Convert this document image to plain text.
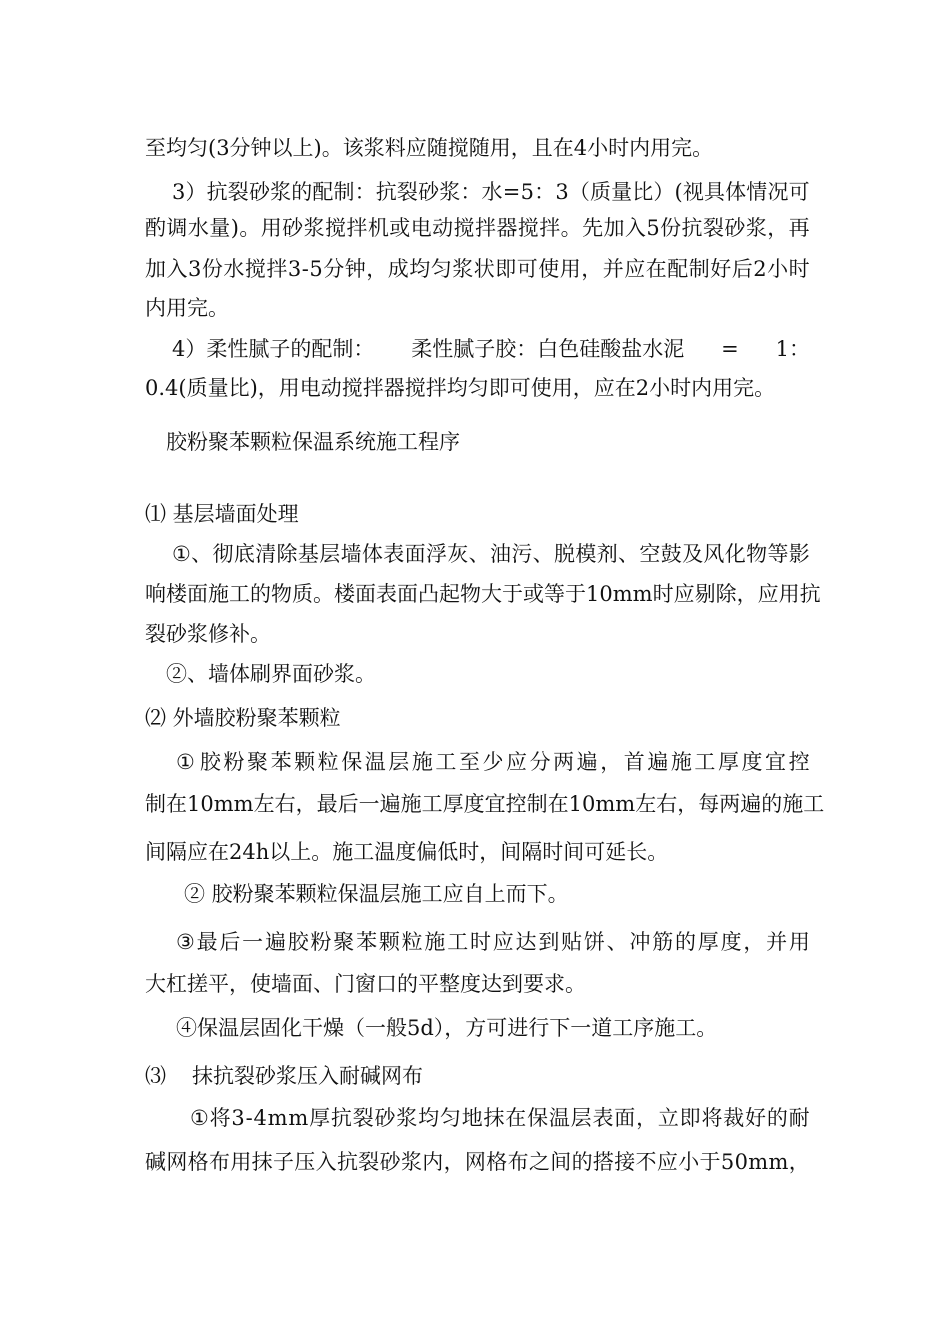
至均匀(3分钟以上)。该浆料应随搅随用，且在4小时内用完。
3 ） 抗 裂 砂 浆 的 配 制 ： 抗 裂 砂 浆 ： 水 = 5 ： 3 （ 质 量 比 ） ( 视 具 体 情 况 可
酌 调 水 量 ) 。 用 砂 浆 搅 拌 机 或 电 动 搅 拌 器 搅 拌 。 先 加 入 5 份 抗 裂 砂 浆 ， 再
加 入 3 份 水 搅 拌 3 - 5 分 钟 ， 成 均 匀 浆 状 即 可 使 用 ， 并 应 在 配 制 好 后 2 小 时
内用完。
4）柔性腻子的配制： 柔性腻子胶：白色硅酸盐水泥 = 1：
0.4(质量比)，用电动搅拌器搅拌均匀即可使用，应在2小时内用完。
胶粉聚苯颗粒保温系统施工程序
⑴ 基层墙面处理
① 、 彻 底 清 除 基 层 墙 体 表 面 浮 灰 、 油 污 、 脱 模 剂 、 空 鼓 及 风 化 物 等 影
响 楼 面 施 工 的 物 质 。 楼 面 表 面 凸 起 物 大 于 或 等 于 1 0 m m 时 应 剔 除 ， 应 用 抗
裂砂浆修补。
②、墙体刷界面砂浆。
⑵ 外墙胶粉聚苯颗粒
① 胶 粉 聚 苯 颗 粒 保 温 层 施 工 至 少 应 分 两 遍 ， 首 遍 施 工 厚 度 宜 控
制 在 1 0 m m 左 右 ， 最 后 一 遍 施 工 厚 度 宜 控 制 在 1 0 m m 左 右 ， 每 两 遍 的 施 工
间隔应在24h以上。施工温度偏低时，间隔时间可延长。
② 胶粉聚苯颗粒保温层施工应自上而下。
③ 最 后 一 遍 胶 粉 聚 苯 颗 粒 施 工 时 应 达 到 贴 饼 、 冲 筋 的 厚 度 ， 并 用
大杠搓平，使墙面、门窗口的平整度达到要求。
④保温层固化干燥（一般5d），方可进行下一道工序施工。
⑶ 抹抗裂砂浆压入耐碱网布
① 将 3 - 4 m m 厚 抗 裂 砂 浆 均 匀 地 抹 在 保 温 层 表 面 ， 立 即 将 裁 好 的 耐
碱 网 格 布 用 抹 子 压 入 抗 裂 砂 浆 内 ， 网 格 布 之 间 的 搭 接 不 应 小 于 5 0 m m ，
